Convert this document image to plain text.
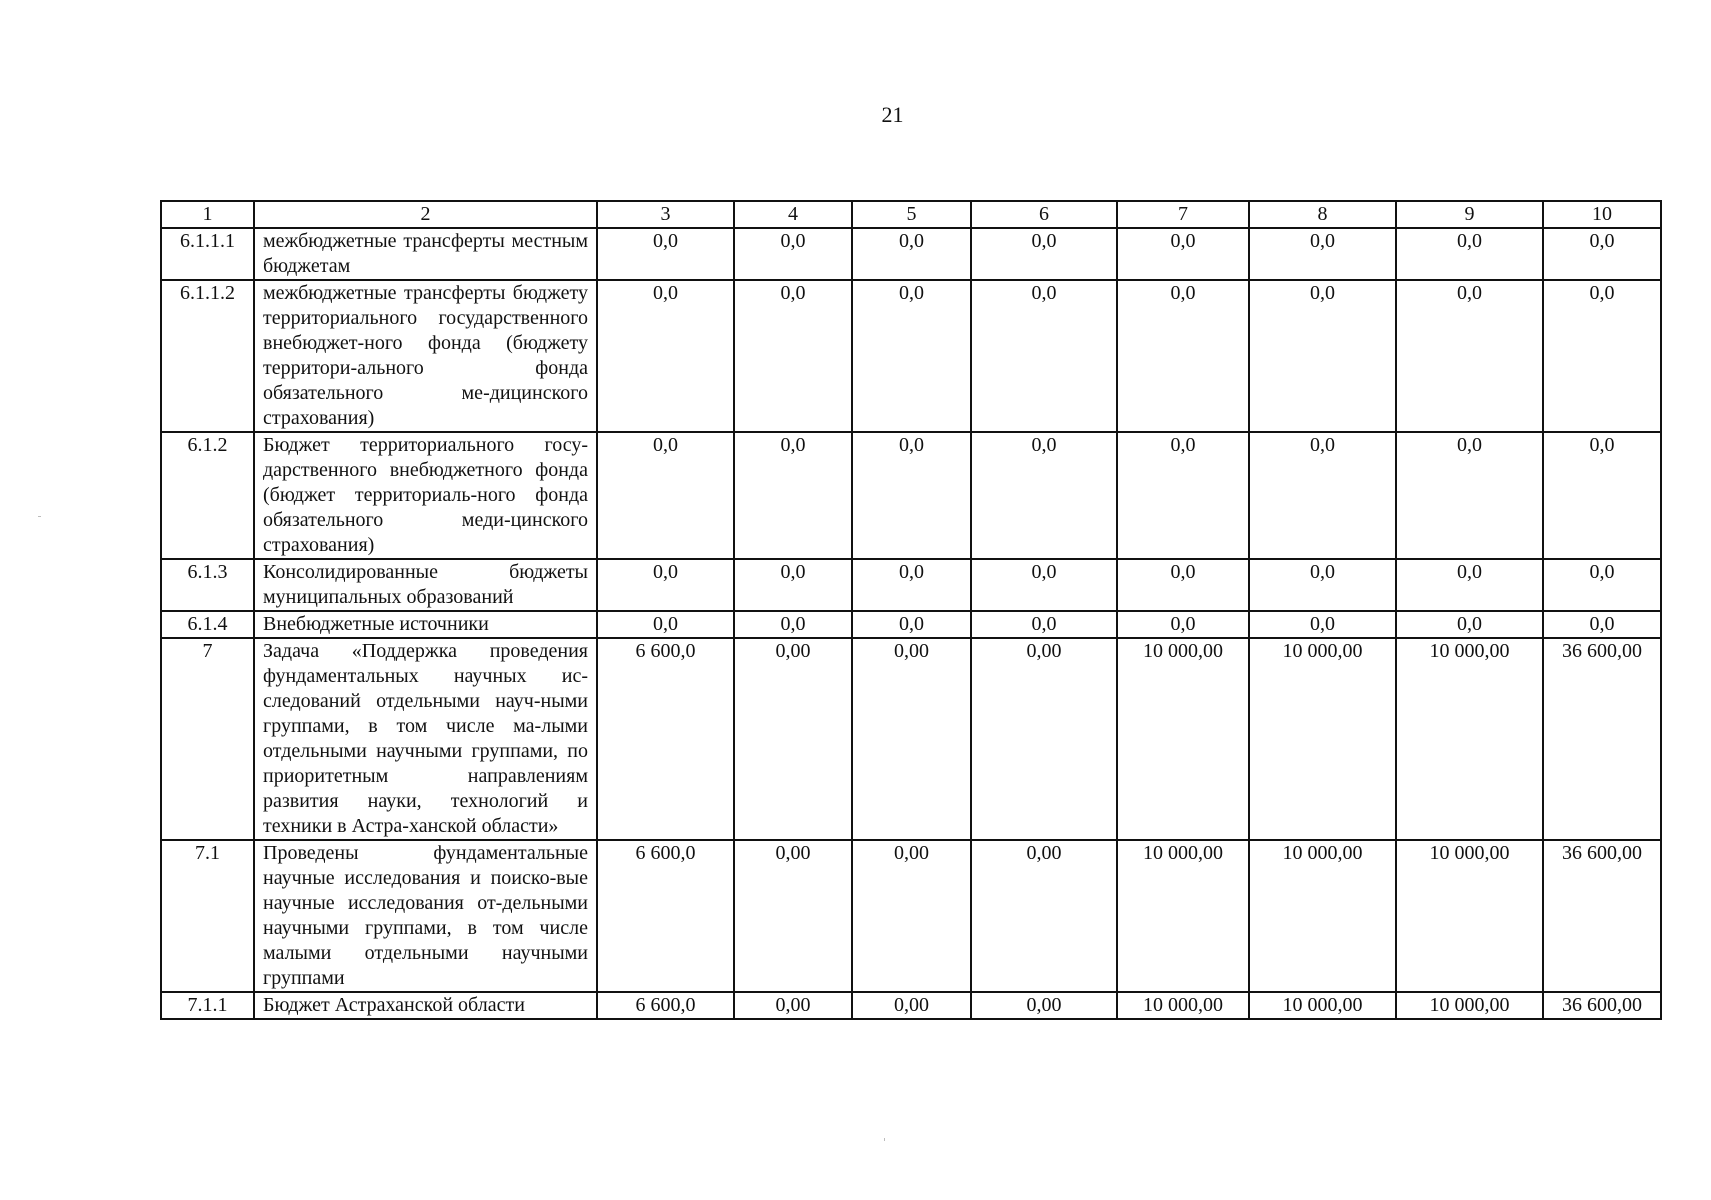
21
1	2	3	4	5	6	7	8	9	10
6.1.1.1	межбюджетные трансферты местным бюджетам	0,0	0,0	0,0	0,0	0,0	0,0	0,0	0,0
6.1.1.2	межбюджетные трансферты бюджету территориального государственного внебюджет-ного фонда (бюджету территори-ального фонда обязательного ме-дицинского страхования)	0,0	0,0	0,0	0,0	0,0	0,0	0,0	0,0
6.1.2	Бюджет территориального госу-дарственного внебюджетного фонда (бюджет территориаль-ного фонда обязательного меди-цинского страхования)	0,0	0,0	0,0	0,0	0,0	0,0	0,0	0,0
6.1.3	Консолидированные бюджеты муниципальных образований	0,0	0,0	0,0	0,0	0,0	0,0	0,0	0,0
6.1.4	Внебюджетные источники	0,0	0,0	0,0	0,0	0,0	0,0	0,0	0,0
7	Задача «Поддержка проведения фундаментальных научных ис-следований отдельными науч-ными группами, в том числе ма-лыми отдельными научными группами, по приоритетным направлениям развития науки, технологий и техники в Астра-ханской области»	6 600,0	0,00	0,00	0,00	10 000,00	10 000,00	10 000,00	36 600,00
7.1	Проведены фундаментальные научные исследования и поиско-вые научные исследования от-дельными научными группами, в том числе малыми отдельными научными группами	6 600,0	0,00	0,00	0,00	10 000,00	10 000,00	10 000,00	36 600,00
7.1.1	Бюджет Астраханской области	6 600,0	0,00	0,00	0,00	10 000,00	10 000,00	10 000,00	36 600,00
